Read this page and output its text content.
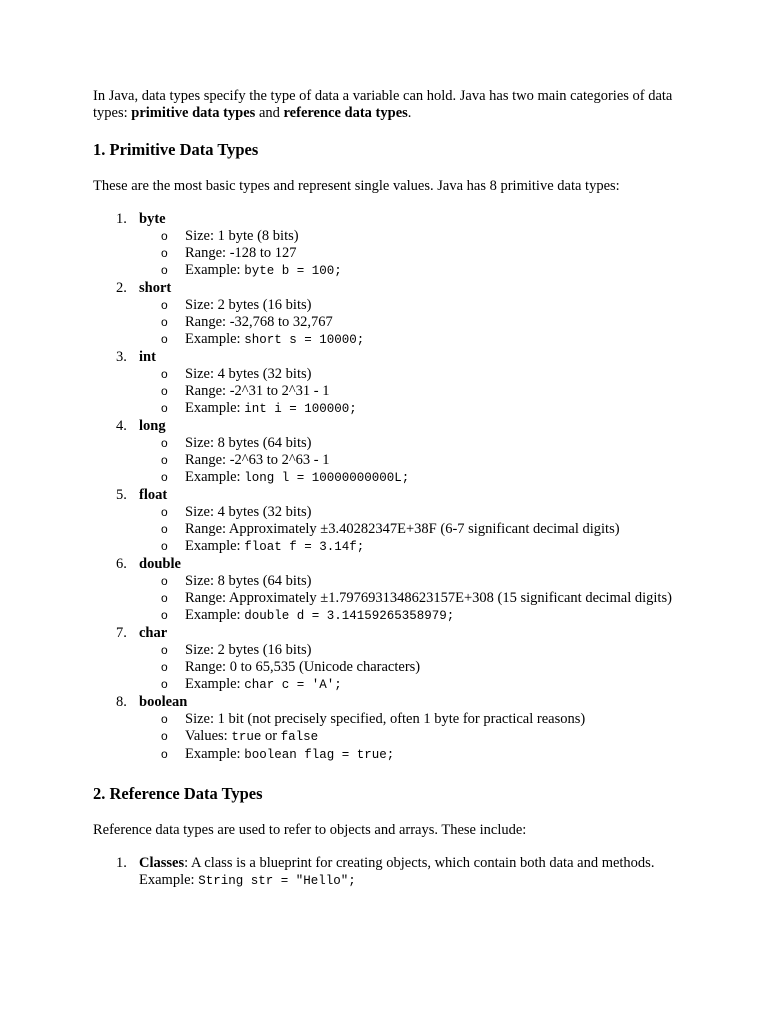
In Java, data types specify the type of data a variable can hold. Java has two main categories of data types: primitive data types and reference data types.

1. Primitive Data Types

These are the most basic types and represent single values. Java has 8 primitive data types:

1. byte
o Size: 1 byte (8 bits)
o Range: -128 to 127
o Example: byte b = 100;
2. short
o Size: 2 bytes (16 bits)
o Range: -32,768 to 32,767
o Example: short s = 10000;
3. int
o Size: 4 bytes (32 bits)
o Range: -2^31 to 2^31 - 1
o Example: int i = 100000;
4. long
o Size: 8 bytes (64 bits)
o Range: -2^63 to 2^63 - 1
o Example: long l = 10000000000L;
5. float
o Size: 4 bytes (32 bits)
o Range: Approximately ±3.40282347E+38F (6-7 significant decimal digits)
o Example: float f = 3.14f;
6. double
o Size: 8 bytes (64 bits)
o Range: Approximately ±1.7976931348623157E+308 (15 significant decimal digits)
o Example: double d = 3.14159265358979;
7. char
o Size: 2 bytes (16 bits)
o Range: 0 to 65,535 (Unicode characters)
o Example: char c = 'A';
8. boolean
o Size: 1 bit (not precisely specified, often 1 byte for practical reasons)
o Values: true or false
o Example: boolean flag = true;
2. Reference Data Types

Reference data types are used to refer to objects and arrays. These include:

1. Classes: A class is a blueprint for creating objects, which contain both data and methods.
Example: String str = "Hello";
